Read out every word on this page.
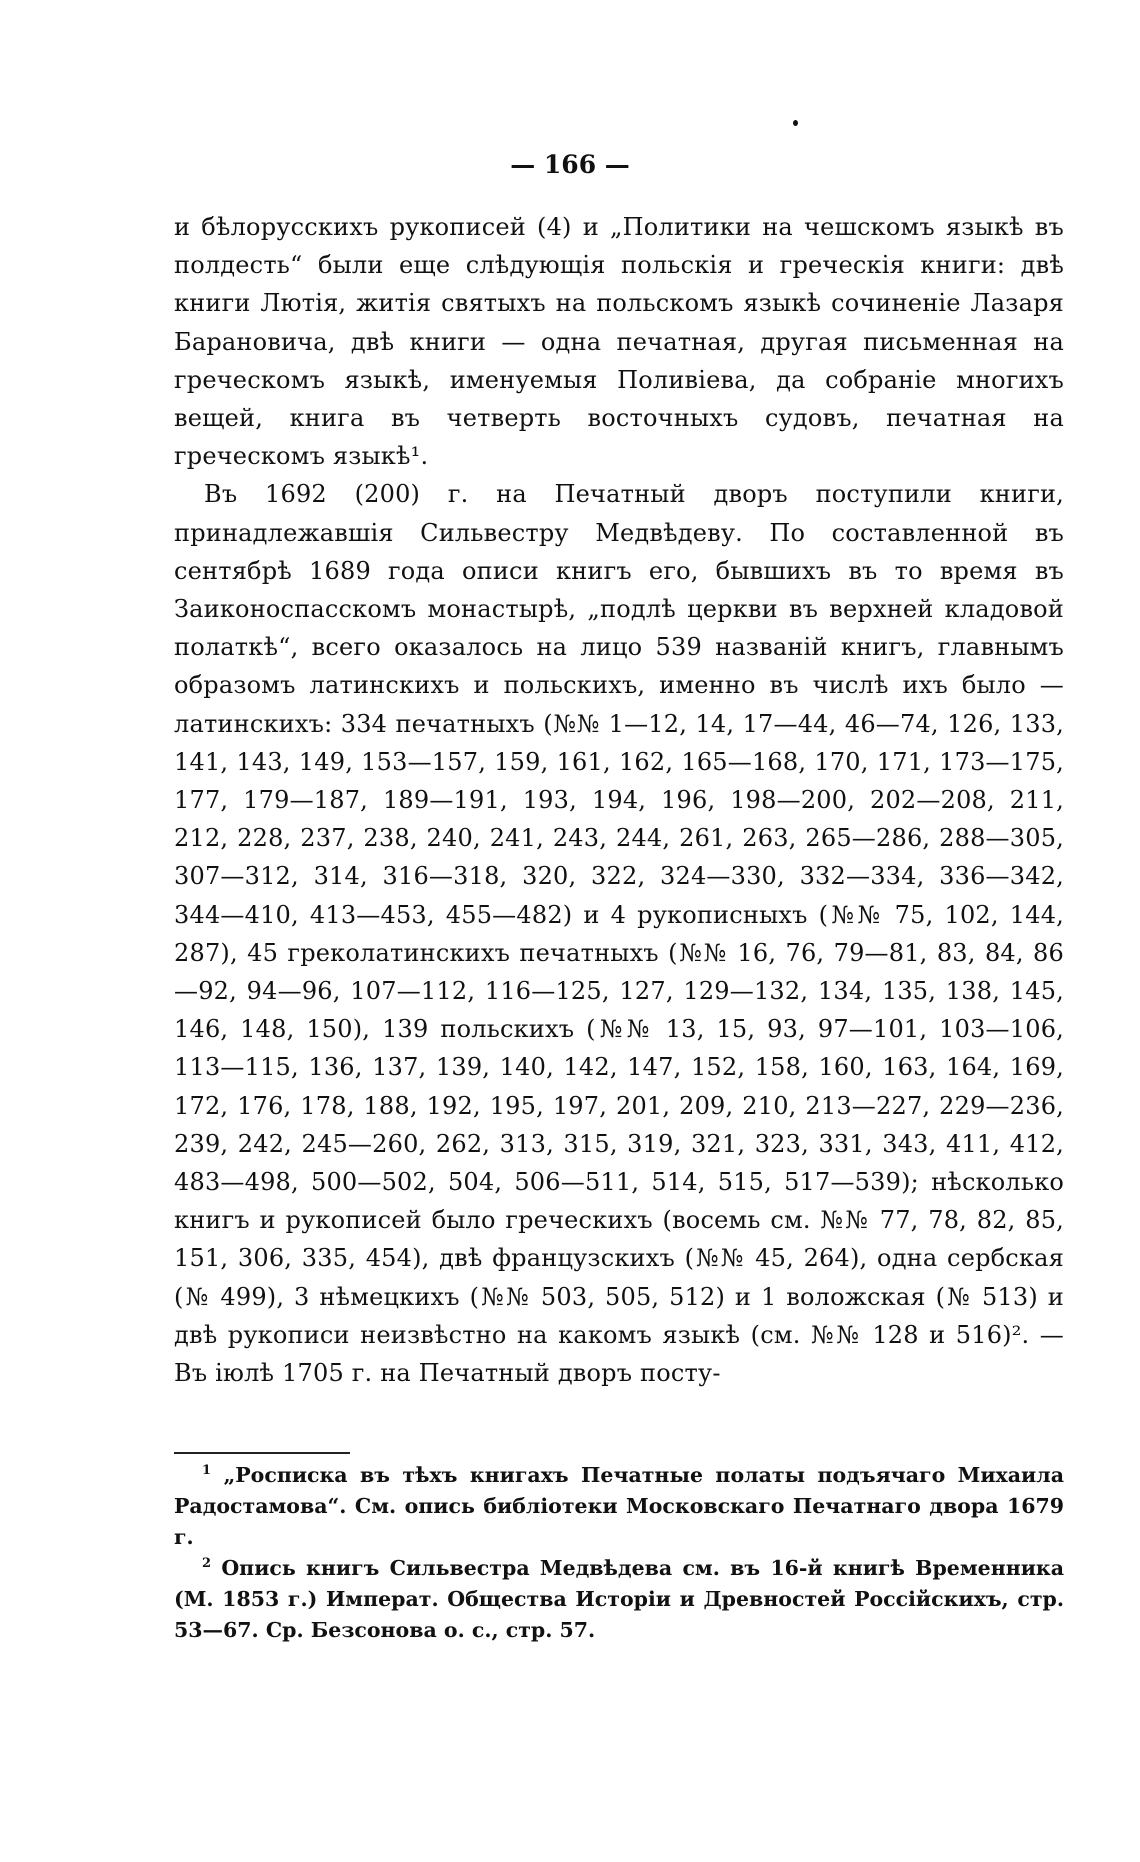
— 166 —

и бѣлорусскихъ рукописей (4) и „Политики на чешскомъ языкѣ въ полдесть“ были еще слѣдующія польскія и греческія книги: двѣ книги Лютія, житія святыхъ на польскомъ языкѣ сочиненіе Лазаря Барановича, двѣ книги — одна печатная, другая письменная на греческомъ языкѣ, именуемыя Поливіева, да собраніе многихъ вещей, книга въ четверть восточныхъ судовъ, печатная на греческомъ языкѣ¹.

Въ 1692 (200) г. на Печатный дворъ поступили книги, принадлежавшія Сильвестру Медвѣдеву. По составленной въ сентябрѣ 1689 года описи книгъ его, бывшихъ въ то время въ Заиконоспасскомъ монастырѣ, „подлѣ церкви въ верхней кладовой полаткѣ“, всего оказалось на лицо 539 названій книгъ, главнымъ образомъ латинскихъ и польскихъ, именно въ числѣ ихъ было — латинскихъ: 334 печатныхъ (№№ 1—12, 14, 17—44, 46—74, 126, 133, 141, 143, 149, 153—157, 159, 161, 162, 165—168, 170, 171, 173—175, 177, 179—187, 189—191, 193, 194, 196, 198—200, 202—208, 211, 212, 228, 237, 238, 240, 241, 243, 244, 261, 263, 265—286, 288—305, 307—312, 314, 316—318, 320, 322, 324—330, 332—334, 336—342, 344—410, 413—453, 455—482) и 4 рукописныхъ (№№ 75, 102, 144, 287), 45 греколатинскихъ печатныхъ (№№ 16, 76, 79—81, 83, 84, 86—92, 94—96, 107—112, 116—125, 127, 129—132, 134, 135, 138, 145, 146, 148, 150), 139 польскихъ (№№ 13, 15, 93, 97—101, 103—106, 113—115, 136, 137, 139, 140, 142, 147, 152, 158, 160, 163, 164, 169, 172, 176, 178, 188, 192, 195, 197, 201, 209, 210, 213—227, 229—236, 239, 242, 245—260, 262, 313, 315, 319, 321, 323, 331, 343, 411, 412, 483—498, 500—502, 504, 506—511, 514, 515, 517—539); нѣсколько книгъ и рукописей было греческихъ (восемь см. №№ 77, 78, 82, 85, 151, 306, 335, 454), двѣ французскихъ (№№ 45, 264), одна сербская (№ 499), 3 нѣмецкихъ (№№ 503, 505, 512) и 1 воложская (№ 513) и двѣ рукописи неизвѣстно на какомъ языкѣ (см. №№ 128 и 516)². — Въ іюлѣ 1705 г. на Печатный дворъ посту-

$^1$ „Росписка въ тѣхъ книгахъ Печатные полаты подъячаго Михаила Радостамова“. См. опись библіотеки Московскаго Печатнаго двора 1679 г.

$^2$ Опись книгъ Сильвестра Медвѣдева см. въ 16-й книгѣ Временника (М. 1853 г.) Императ. Общества Исторіи и Древностей Россійскихъ, стр. 53—67. Ср. Безсонова о. с., стр. 57.
